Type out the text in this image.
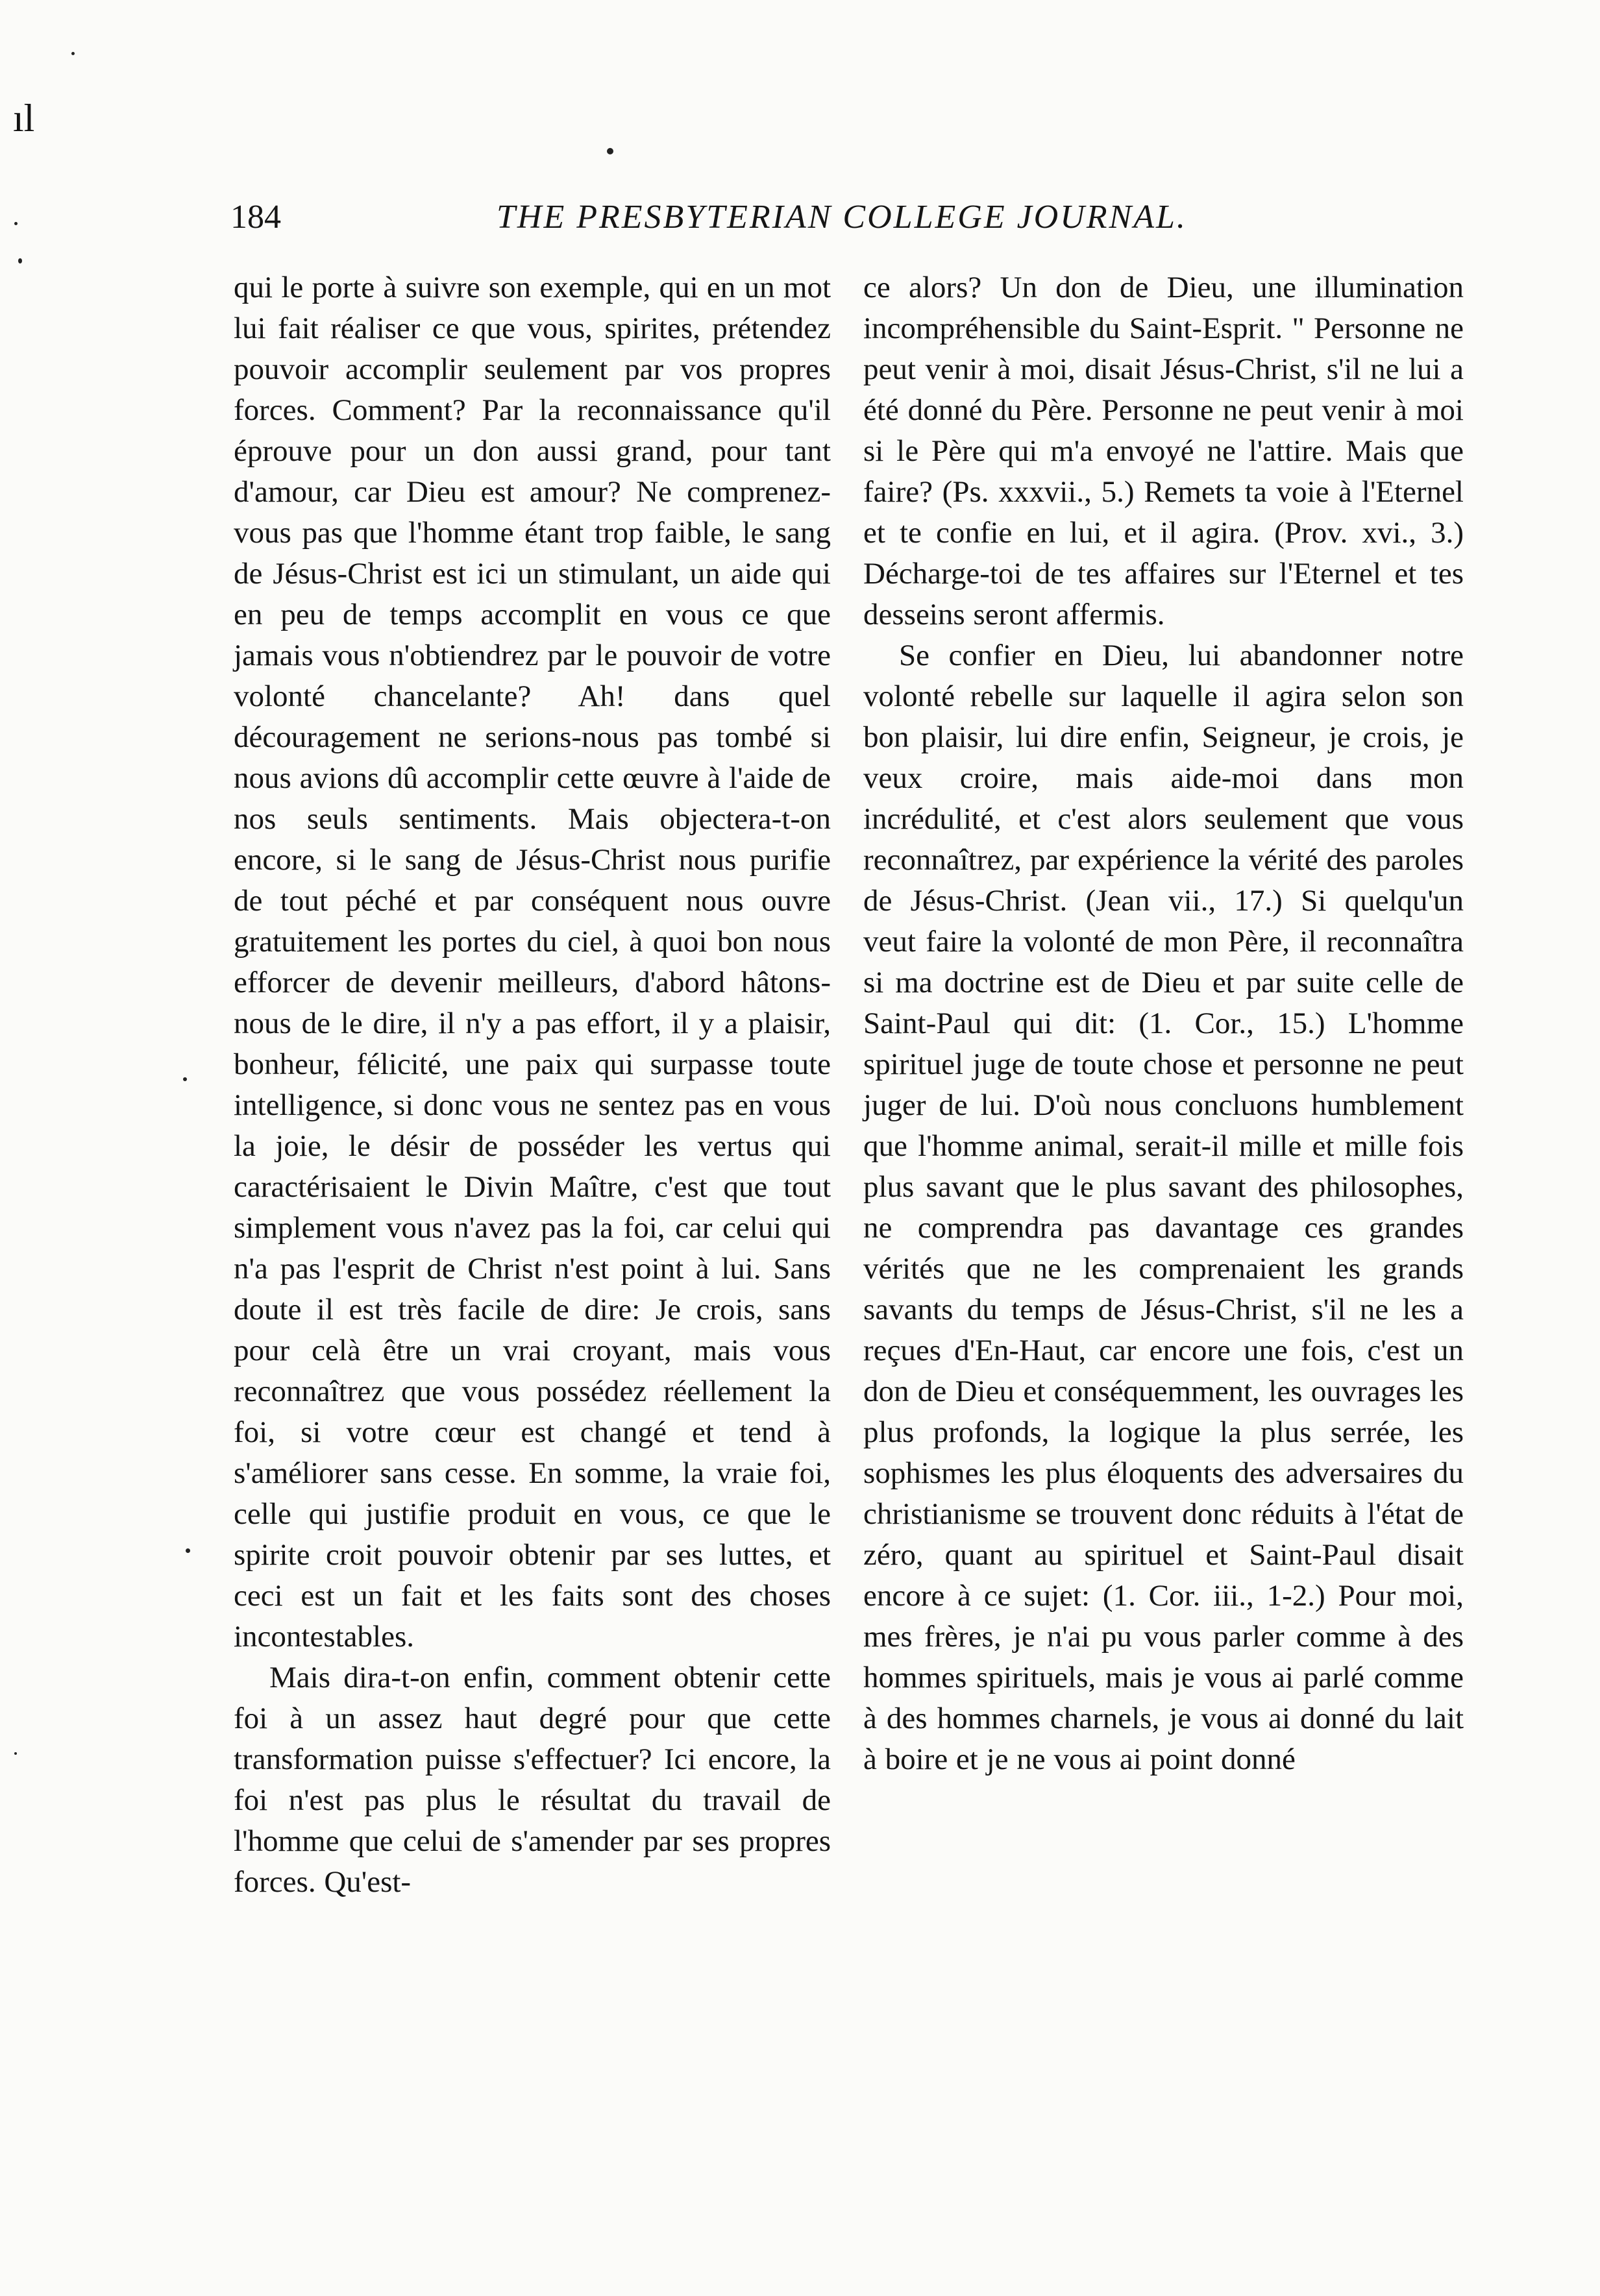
ıl
184	THE PRESBYTERIAN COLLEGE JOURNAL.

qui le porte à suivre son exemple, qui en un mot lui fait réaliser ce que vous, spirites, prétendez pouvoir accomplir seulement par vos propres forces. Comment? Par la reconnaissance qu'il éprouve pour un don aussi grand, pour tant d'amour, car Dieu est amour? Ne comprenez-vous pas que l'homme étant trop faible, le sang de Jésus-Christ est ici un stimulant, un aide qui en peu de temps accomplit en vous ce que jamais vous n'obtiendrez par le pouvoir de votre volonté chancelante? Ah! dans quel découragement ne serions-nous pas tombé si nous avions dû accomplir cette œuvre à l'aide de nos seuls sentiments. Mais objectera-t-on encore, si le sang de Jésus-Christ nous purifie de tout péché et par conséquent nous ouvre gratuitement les portes du ciel, à quoi bon nous efforcer de devenir meilleurs, d'abord hâtons-nous de le dire, il n'y a pas effort, il y a plaisir, bonheur, félicité, une paix qui surpasse toute intelligence, si donc vous ne sentez pas en vous la joie, le désir de posséder les vertus qui caractérisaient le Divin Maître, c'est que tout simplement vous n'avez pas la foi, car celui qui n'a pas l'esprit de Christ n'est point à lui. Sans doute il est très facile de dire: Je crois, sans pour celà être un vrai croyant, mais vous reconnaîtrez que vous possédez réellement la foi, si votre cœur est changé et tend à s'améliorer sans cesse. En somme, la vraie foi, celle qui justifie produit en vous, ce que le spirite croit pouvoir obtenir par ses luttes, et ceci est un fait et les faits sont des choses incontestables.

Mais dira-t-on enfin, comment obtenir cette foi à un assez haut degré pour que cette transformation puisse s'effectuer? Ici encore, la foi n'est pas plus le résultat du travail de l'homme que celui de s'amender par ses propres forces. Qu'est-

ce alors? Un don de Dieu, une illumination incompréhensible du Saint-Esprit. " Personne ne peut venir à moi, disait Jésus-Christ, s'il ne lui a été donné du Père. Personne ne peut venir à moi si le Père qui m'a envoyé ne l'attire. Mais que faire? (Ps. xxxvii., 5.) Remets ta voie à l'Eternel et te confie en lui, et il agira. (Prov. xvi., 3.) Décharge-toi de tes affaires sur l'Eternel et tes desseins seront affermis.

Se confier en Dieu, lui abandonner notre volonté rebelle sur laquelle il agira selon son bon plaisir, lui dire enfin, Seigneur, je crois, je veux croire, mais aide-moi dans mon incrédulité, et c'est alors seulement que vous reconnaîtrez, par expérience la vérité des paroles de Jésus-Christ. (Jean vii., 17.) Si quelqu'un veut faire la volonté de mon Père, il reconnaîtra si ma doctrine est de Dieu et par suite celle de Saint-Paul qui dit: (1. Cor., 15.) L'homme spirituel juge de toute chose et personne ne peut juger de lui. D'où nous concluons humblement que l'homme animal, serait-il mille et mille fois plus savant que le plus savant des philosophes, ne comprendra pas davantage ces grandes vérités que ne les comprenaient les grands savants du temps de Jésus-Christ, s'il ne les a reçues d'En-Haut, car encore une fois, c'est un don de Dieu et conséquemment, les ouvrages les plus profonds, la logique la plus serrée, les sophismes les plus éloquents des adversaires du christianisme se trouvent donc réduits à l'état de zéro, quant au spirituel et Saint-Paul disait encore à ce sujet: (1. Cor. iii., 1-2.) Pour moi, mes frères, je n'ai pu vous parler comme à des hommes spirituels, mais je vous ai parlé comme à des hommes charnels, je vous ai donné du lait à boire et je ne vous ai point donné
